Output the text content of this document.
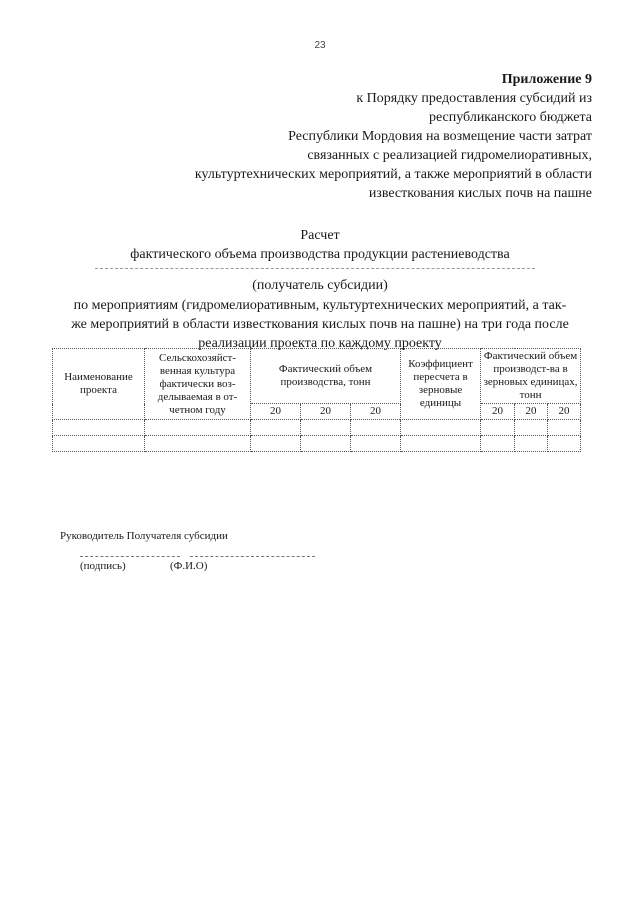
23
Приложение 9
к Порядку предоставления субсидий из
республиканского бюджета
Республики Мордовия на возмещение части затрат
связанных с реализацией гидромелиоративных,
культуртехнических мероприятий, а также мероприятий в области
известкования кислых почв на пашне
Расчет
фактического объема производства продукции растениеводства
(получатель субсидии)
по мероприятиям (гидромелиоративным, культуртехнических мероприятий, а так-
же мероприятий в области известкования кислых почв на пашне) на три года после
реализации проекта по каждому проекту
Наименование проекта	Сельскохозяйст-венная культура фактически воз-делываемая в от-четном году	Фактический объем производства, тонн			Коэффициент пересчета в зерновые единицы	Фактический объем производст-ва в зерновых единицах, тонн		
		20	20	20		20	20	20

Руководитель Получателя субсидии
(подпись)	(Ф.И.О)
